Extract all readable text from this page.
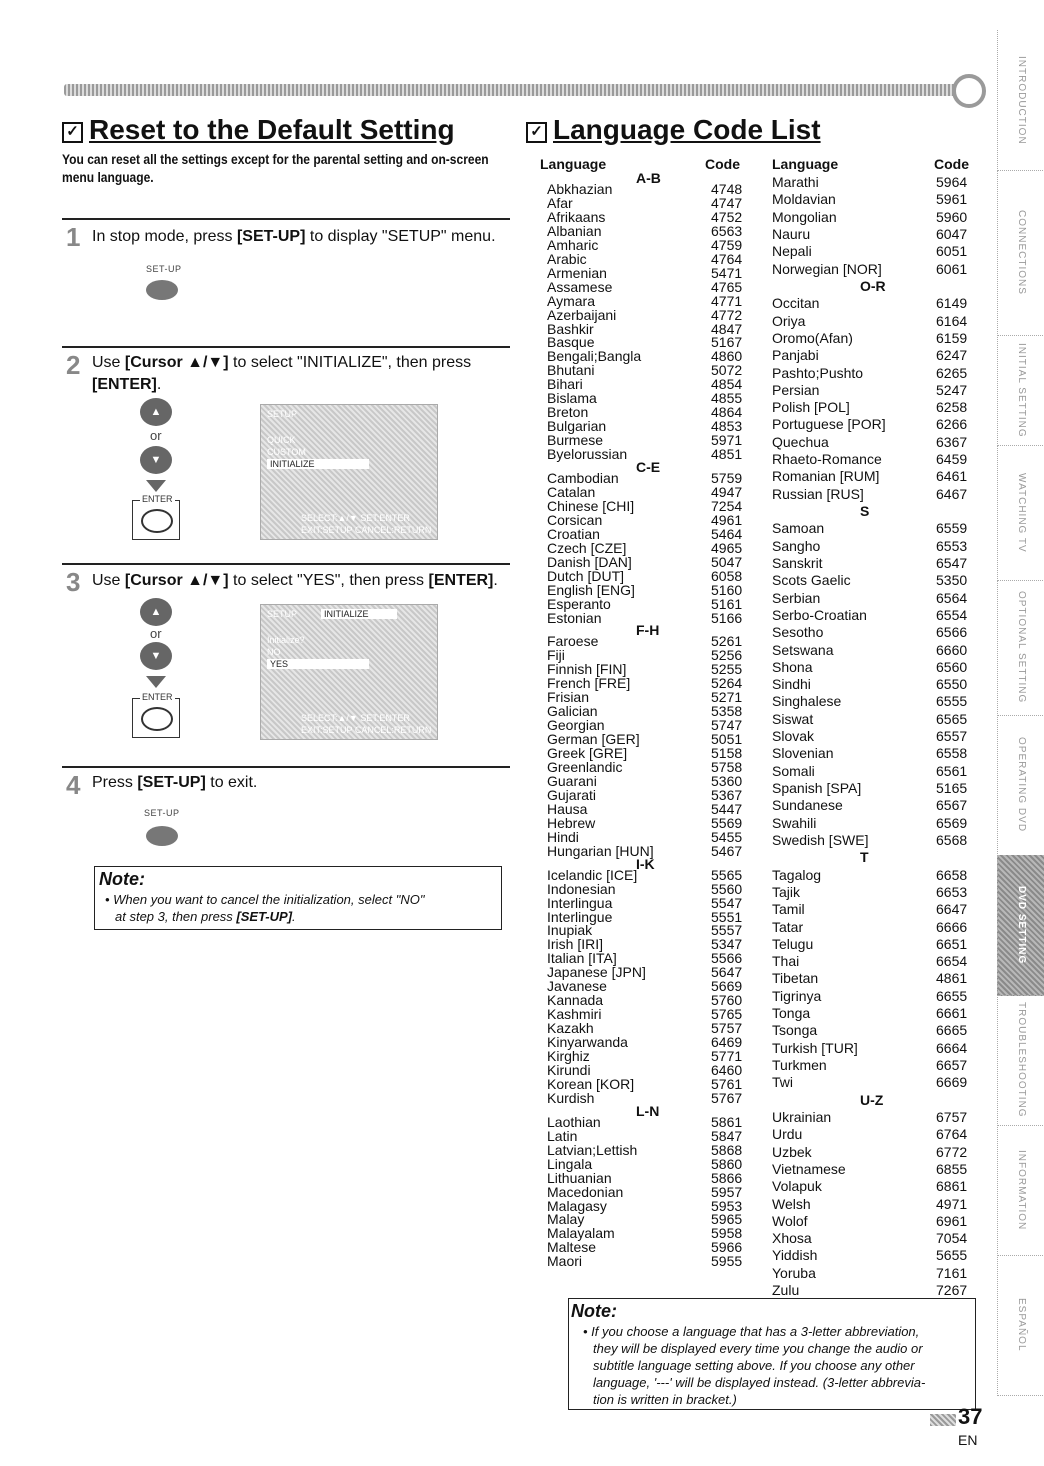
INTRODUCTION
CONNECTIONS
INITIAL SETTING
WATCHING TV
OPTIONAL SETTING
OPERATING DVD
DVD SETTING
TROUBLESHOOTING
INFORMATION
ESPAÑOL
✓ Reset to the Default Setting
You can reset all the settings except for the parental setting and on-screen menu language.
1 In stop mode, press [SET-UP] to display "SETUP" menu.
SET-UP
2 Use [Cursor ▲/▼] to select "INITIALIZE", then press [ENTER].
▲
or
▼
ENTER
SETUP
QUICK
CUSTOM
INITIALIZE
SELECT:▲/▼ SET:ENTER
EXIT:SETUP CANCEL:RETURN
3 Use [Cursor ▲/▼] to select "YES", then press [ENTER].
▲
or
▼
ENTER
SETUP	INITIALIZE
Initialize?
NO
YES
SELECT:▲/▼ SET:ENTER
EXIT:SETUP CANCEL:RETURN
4 Press [SET-UP] to exit.
SET-UP
Note:
• When you want to cancel the initialization, select "NO"
at step 3, then press [SET-UP].
✓ Language Code List
Language	Code Language	Code
A-B
Abkhazian	4748
Afar	4747
Afrikaans	4752
Albanian	6563
Amharic	4759
Arabic	4764
Armenian	5471
Assamese	4765
Aymara	4771
Azerbaijani	4772
Bashkir	4847
Basque	5167
Bengali;Bangla	4860
Bhutani	5072
Bihari	4854
Bislama	4855
Breton	4864
Bulgarian	4853
Burmese	5971
Byelorussian	4851
C-E
Cambodian	5759
Catalan	4947
Chinese [CHI]	7254
Corsican	4961
Croatian	5464
Czech [CZE]	4965
Danish [DAN]	5047
Dutch [DUT]	6058
English [ENG]	5160
Esperanto	5161
Estonian	5166
F-H
Faroese	5261
Fiji	5256
Finnish [FIN]	5255
French [FRE]	5264
Frisian	5271
Galician	5358
Georgian	5747
German [GER]	5051
Greek [GRE]	5158
Greenlandic	5758
Guarani	5360
Gujarati	5367
Hausa	5447
Hebrew	5569
Hindi	5455
Hungarian [HUN]	5467
I-K
Icelandic [ICE]	5565
Indonesian	5560
Interlingua	5547
Interlingue	5551
Inupiak	5557
Irish [IRI]	5347
Italian [ITA]	5566
Japanese [JPN]	5647
Javanese	5669
Kannada	5760
Kashmiri	5765
Kazakh	5757
Kinyarwanda	6469
Kirghiz	5771
Kirundi	6460
Korean [KOR]	5761
Kurdish	5767
L-N
Laothian	5861
Latin	5847
Latvian;Lettish	5868
Lingala	5860
Lithuanian	5866
Macedonian	5957
Malagasy	5953
Malay	5965
Malayalam	5958
Maltese	5966
Maori	5955
Marathi	5964
Moldavian	5961
Mongolian	5960
Nauru	6047
Nepali	6051
Norwegian [NOR]	6061
O-R
Occitan	6149
Oriya	6164
Oromo(Afan)	6159
Panjabi	6247
Pashto;Pushto	6265
Persian	5247
Polish [POL]	6258
Portuguese [POR]	6266
Quechua	6367
Rhaeto-Romance	6459
Romanian [RUM]	6461
Russian [RUS]	6467
S
Samoan	6559
Sangho	6553
Sanskrit	6547
Scots Gaelic	5350
Serbian	6564
Serbo-Croatian	6554
Sesotho	6566
Setswana	6660
Shona	6560
Sindhi	6550
Singhalese	6555
Siswat	6565
Slovak	6557
Slovenian	6558
Somali	6561
Spanish [SPA]	5165
Sundanese	6567
Swahili	6569
Swedish [SWE]	6568
T
Tagalog	6658
Tajik	6653
Tamil	6647
Tatar	6666
Telugu	6651
Thai	6654
Tibetan	4861
Tigrinya	6655
Tonga	6661
Tsonga	6665
Turkish [TUR]	6664
Turkmen	6657
Twi	6669
U-Z
Ukrainian	6757
Urdu	6764
Uzbek	6772
Vietnamese	6855
Volapuk	6861
Welsh	4971
Wolof	6961
Xhosa	7054
Yiddish	5655
Yoruba	7161
Zulu	7267
Note:
• If you choose a language that has a 3-letter abbreviation,
they will be displayed every time you change the audio or
subtitle language setting above. If you choose any other
language, '---' will be displayed instead. (3-letter abbrevia-
tion is written in bracket.)
37
EN
